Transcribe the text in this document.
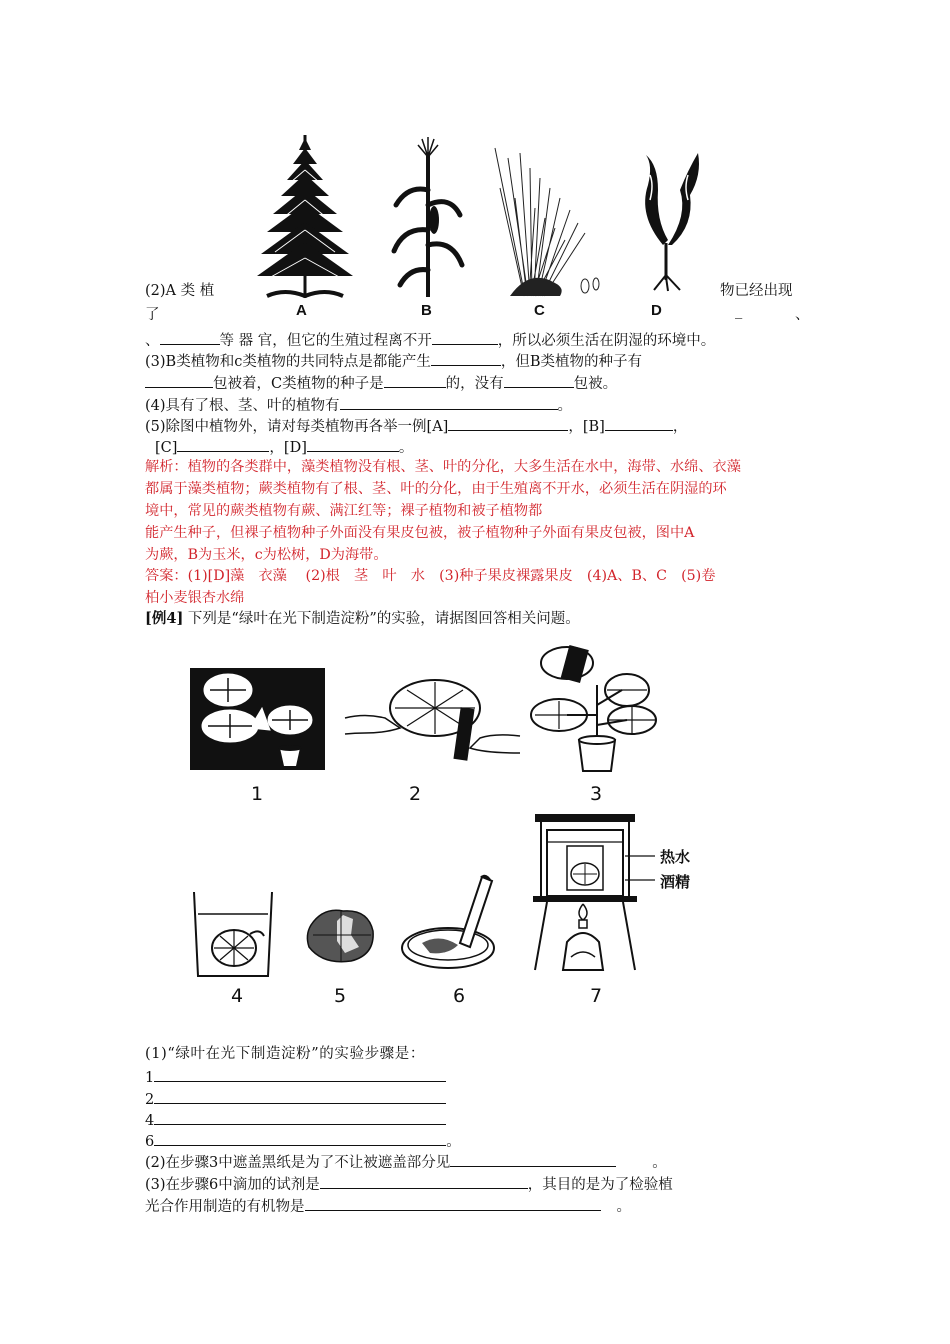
A	B	C	D
(2)A 类 植	物已经出现
了	_	、
、	等 器 官，但它的生殖过程离不开	，所以必须生活在阴湿的环境中。
(3)B类植物和c类植物的共同特点是都能产生	，但B类植物的种子有
包被着，C类植物的种子是	的，没有	包被。
(4)具有了根、茎、叶的植物有	。
(5)除图中植物外，请对每类植物再各举一例[A]	，[B]	，
[C]	，[D]	。
解析：植物的各类群中，藻类植物没有根、茎、叶的分化，大多生活在水中，海带、水绵、衣藻
都属于藻类植物；蕨类植物有了根、茎、叶的分化，由于生殖离不开水，必须生活在阴湿的环
境中，常见的蕨类植物有蕨、满江红等；裸子植物和被子植物都
能产生种子，但裸子植物种子外面没有果皮包被，被子植物种子外面有果皮包被，图中A
为蕨，B为玉米，c为松树，D为海带。
答案：(1)[D]藻　衣藻　 (2)根　茎　叶　水　(3)种子果皮裸露果皮　(4)A、B、C　(5)卷
柏小麦银杏水绵
[例4] 下列是“绿叶在光下制造淀粉”的实验，请据图回答相关问题。
1	2	3
4	5	6
热水
酒精
7
(1)“绿叶在光下制造淀粉”的实验步骤是：
1
2
4
6	。
(2)在步骤3中遮盖黑纸是为了不让被遮盖部分见	。
(3)在步骤6中滴加的试剂是	，其目的是为了检验植
光合作用制造的有机物是	。
